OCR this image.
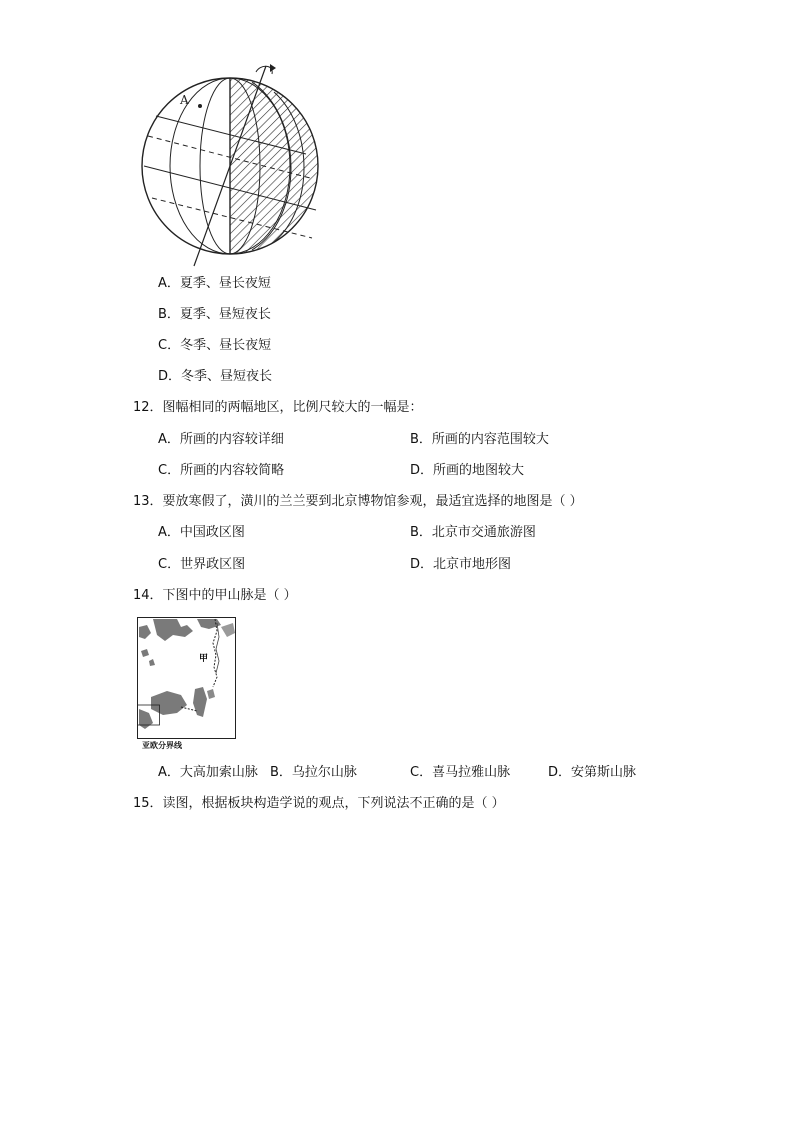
A
A．夏季、昼长夜短
B．夏季、昼短夜长
C．冬季、昼长夜短
D．冬季、昼短夜长
12．图幅相同的两幅地区，比例尺较大的一幅是：
A．所画的内容较详细	B．所画的内容范围较大
C．所画的内容较简略	D．所画的地图较大
13．要放寒假了，潢川的兰兰要到北京博物馆参观，最适宜选择的地图是（ ）
A．中国政区图	B．北京市交通旅游图
C．世界政区图	D．北京市地形图
14．下图中的甲山脉是（ ）
甲
亚欧分界线
A．大高加索山脉 B．乌拉尔山脉	C．喜马拉雅山脉	D．安第斯山脉
15．读图，根据板块构造学说的观点，下列说法不正确的是（ ）
